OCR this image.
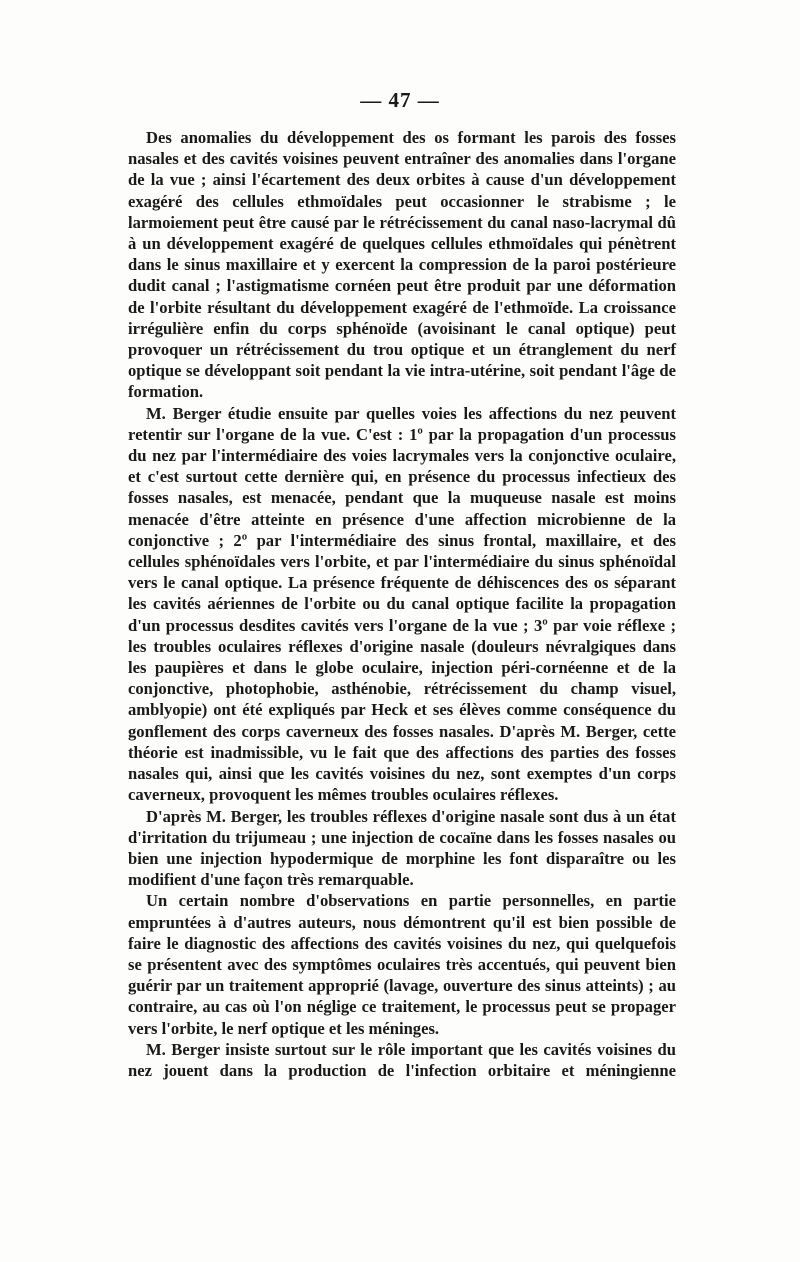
— 47 —

Des anomalies du développement des os formant les parois des fosses nasales et des cavités voisines peuvent entraîner des anomalies dans l'organe de la vue ; ainsi l'écartement des deux orbites à cause d'un développement exagéré des cellules ethmoïdales peut occasionner le strabisme ; le larmoiement peut être causé par le rétrécissement du canal naso-lacrymal dû à un développement exagéré de quelques cellules ethmoïdales qui pénètrent dans le sinus maxillaire et y exercent la compression de la paroi postérieure dudit canal ; l'astigmatisme cornéen peut être produit par une déformation de l'orbite résultant du développement exagéré de l'ethmoïde. La croissance irrégulière enfin du corps sphénoïde (avoisinant le canal optique) peut provoquer un rétrécissement du trou optique et un étranglement du nerf optique se développant soit pendant la vie intra-utérine, soit pendant l'âge de formation.

M. Berger étudie ensuite par quelles voies les affections du nez peuvent retentir sur l'organe de la vue. C'est : 1º par la propagation d'un processus du nez par l'intermédiaire des voies lacrymales vers la conjonctive oculaire, et c'est surtout cette dernière qui, en présence du processus infectieux des fosses nasales, est menacée, pendant que la muqueuse nasale est moins menacée d'être atteinte en présence d'une affection microbienne de la conjonctive ; 2º par l'intermédiaire des sinus frontal, maxillaire, et des cellules sphénoïdales vers l'orbite, et par l'intermédiaire du sinus sphénoïdal vers le canal optique. La présence fréquente de déhiscences des os séparant les cavités aériennes de l'orbite ou du canal optique facilite la propagation d'un processus desdites cavités vers l'organe de la vue ; 3º par voie réflexe ; les troubles oculaires réflexes d'origine nasale (douleurs névralgiques dans les paupières et dans le globe oculaire, injection péri-cornéenne et de la conjonctive, photophobie, asthénobie, rétrécissement du champ visuel, amblyopie) ont été expliqués par Heck et ses élèves comme conséquence du gonflement des corps caverneux des fosses nasales. D'après M. Berger, cette théorie est inadmissible, vu le fait que des affections des parties des fosses nasales qui, ainsi que les cavités voisines du nez, sont exemptes d'un corps caverneux, provoquent les mêmes troubles oculaires réflexes.

D'après M. Berger, les troubles réflexes d'origine nasale sont dus à un état d'irritation du trijumeau ; une injection de cocaïne dans les fosses nasales ou bien une injection hypodermique de morphine les font disparaître ou les modifient d'une façon très remarquable.

Un certain nombre d'observations en partie personnelles, en partie empruntées à d'autres auteurs, nous démontrent qu'il est bien possible de faire le diagnostic des affections des cavités voisines du nez, qui quelquefois se présentent avec des symptômes oculaires très accentués, qui peuvent bien guérir par un traitement approprié (lavage, ouverture des sinus atteints) ; au contraire, au cas où l'on néglige ce traitement, le processus peut se propager vers l'orbite, le nerf optique et les méninges.

M. Berger insiste surtout sur le rôle important que les cavités voisines du nez jouent dans la production de l'infection orbitaire et méningienne
